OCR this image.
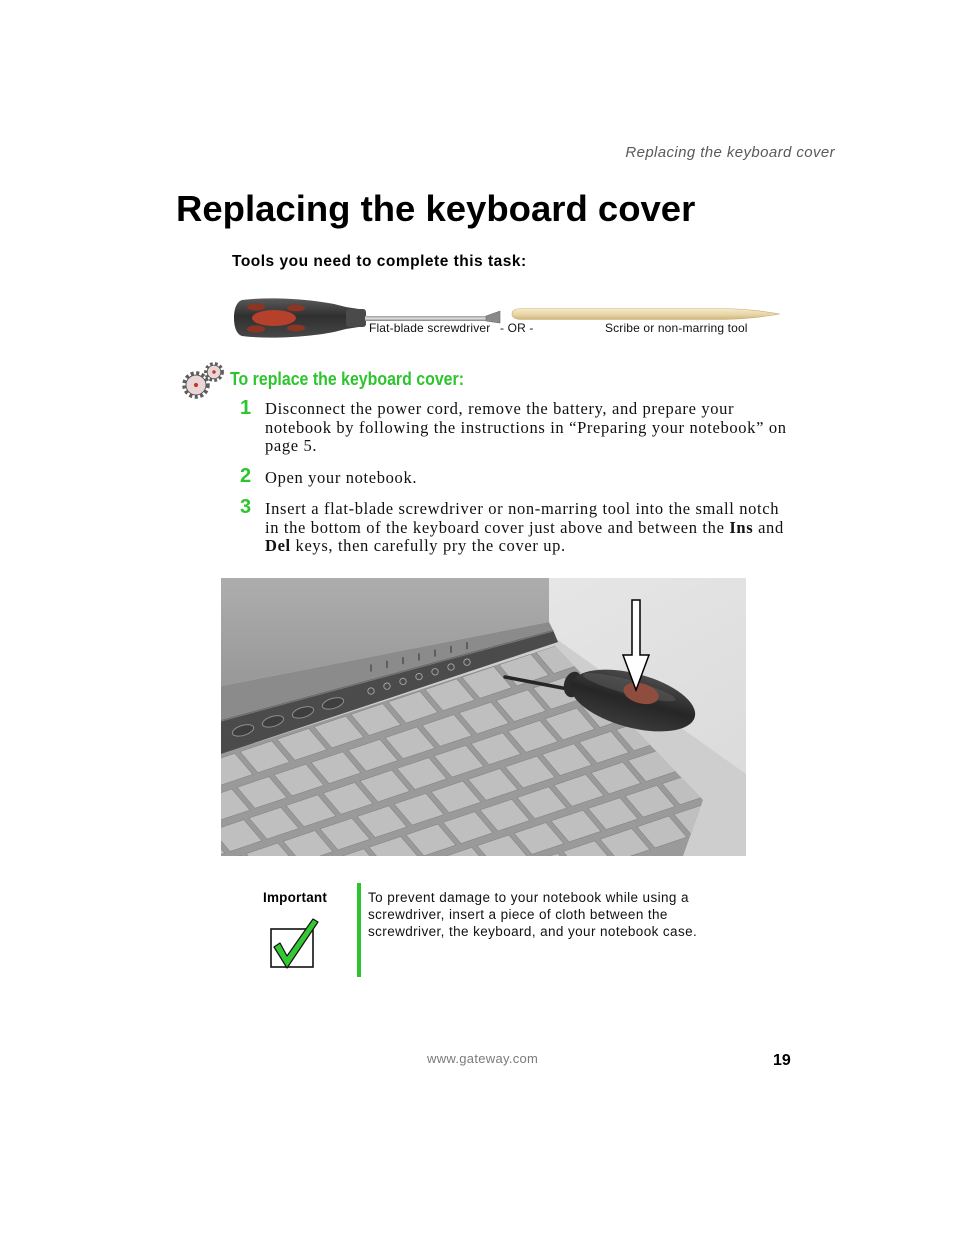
Replacing the keyboard cover
Replacing the keyboard cover
Tools you need to complete this task:
Flat-blade screwdriver - OR -	Scribe or non-marring tool
To replace the keyboard cover:
1 Disconnect the power cord, remove the battery, and prepare your
notebook by following the instructions in “Preparing your notebook” on
page 5.
2 Open your notebook.
3 Insert a flat-blade screwdriver or non-marring tool into the small notch
in the bottom of the keyboard cover just above and between the Ins and
Del keys, then carefully pry the cover up.
Important	To prevent damage to your notebook while using a
screwdriver, insert a piece of cloth between the
screwdriver, the keyboard, and your notebook case.
www.gateway.com	19
